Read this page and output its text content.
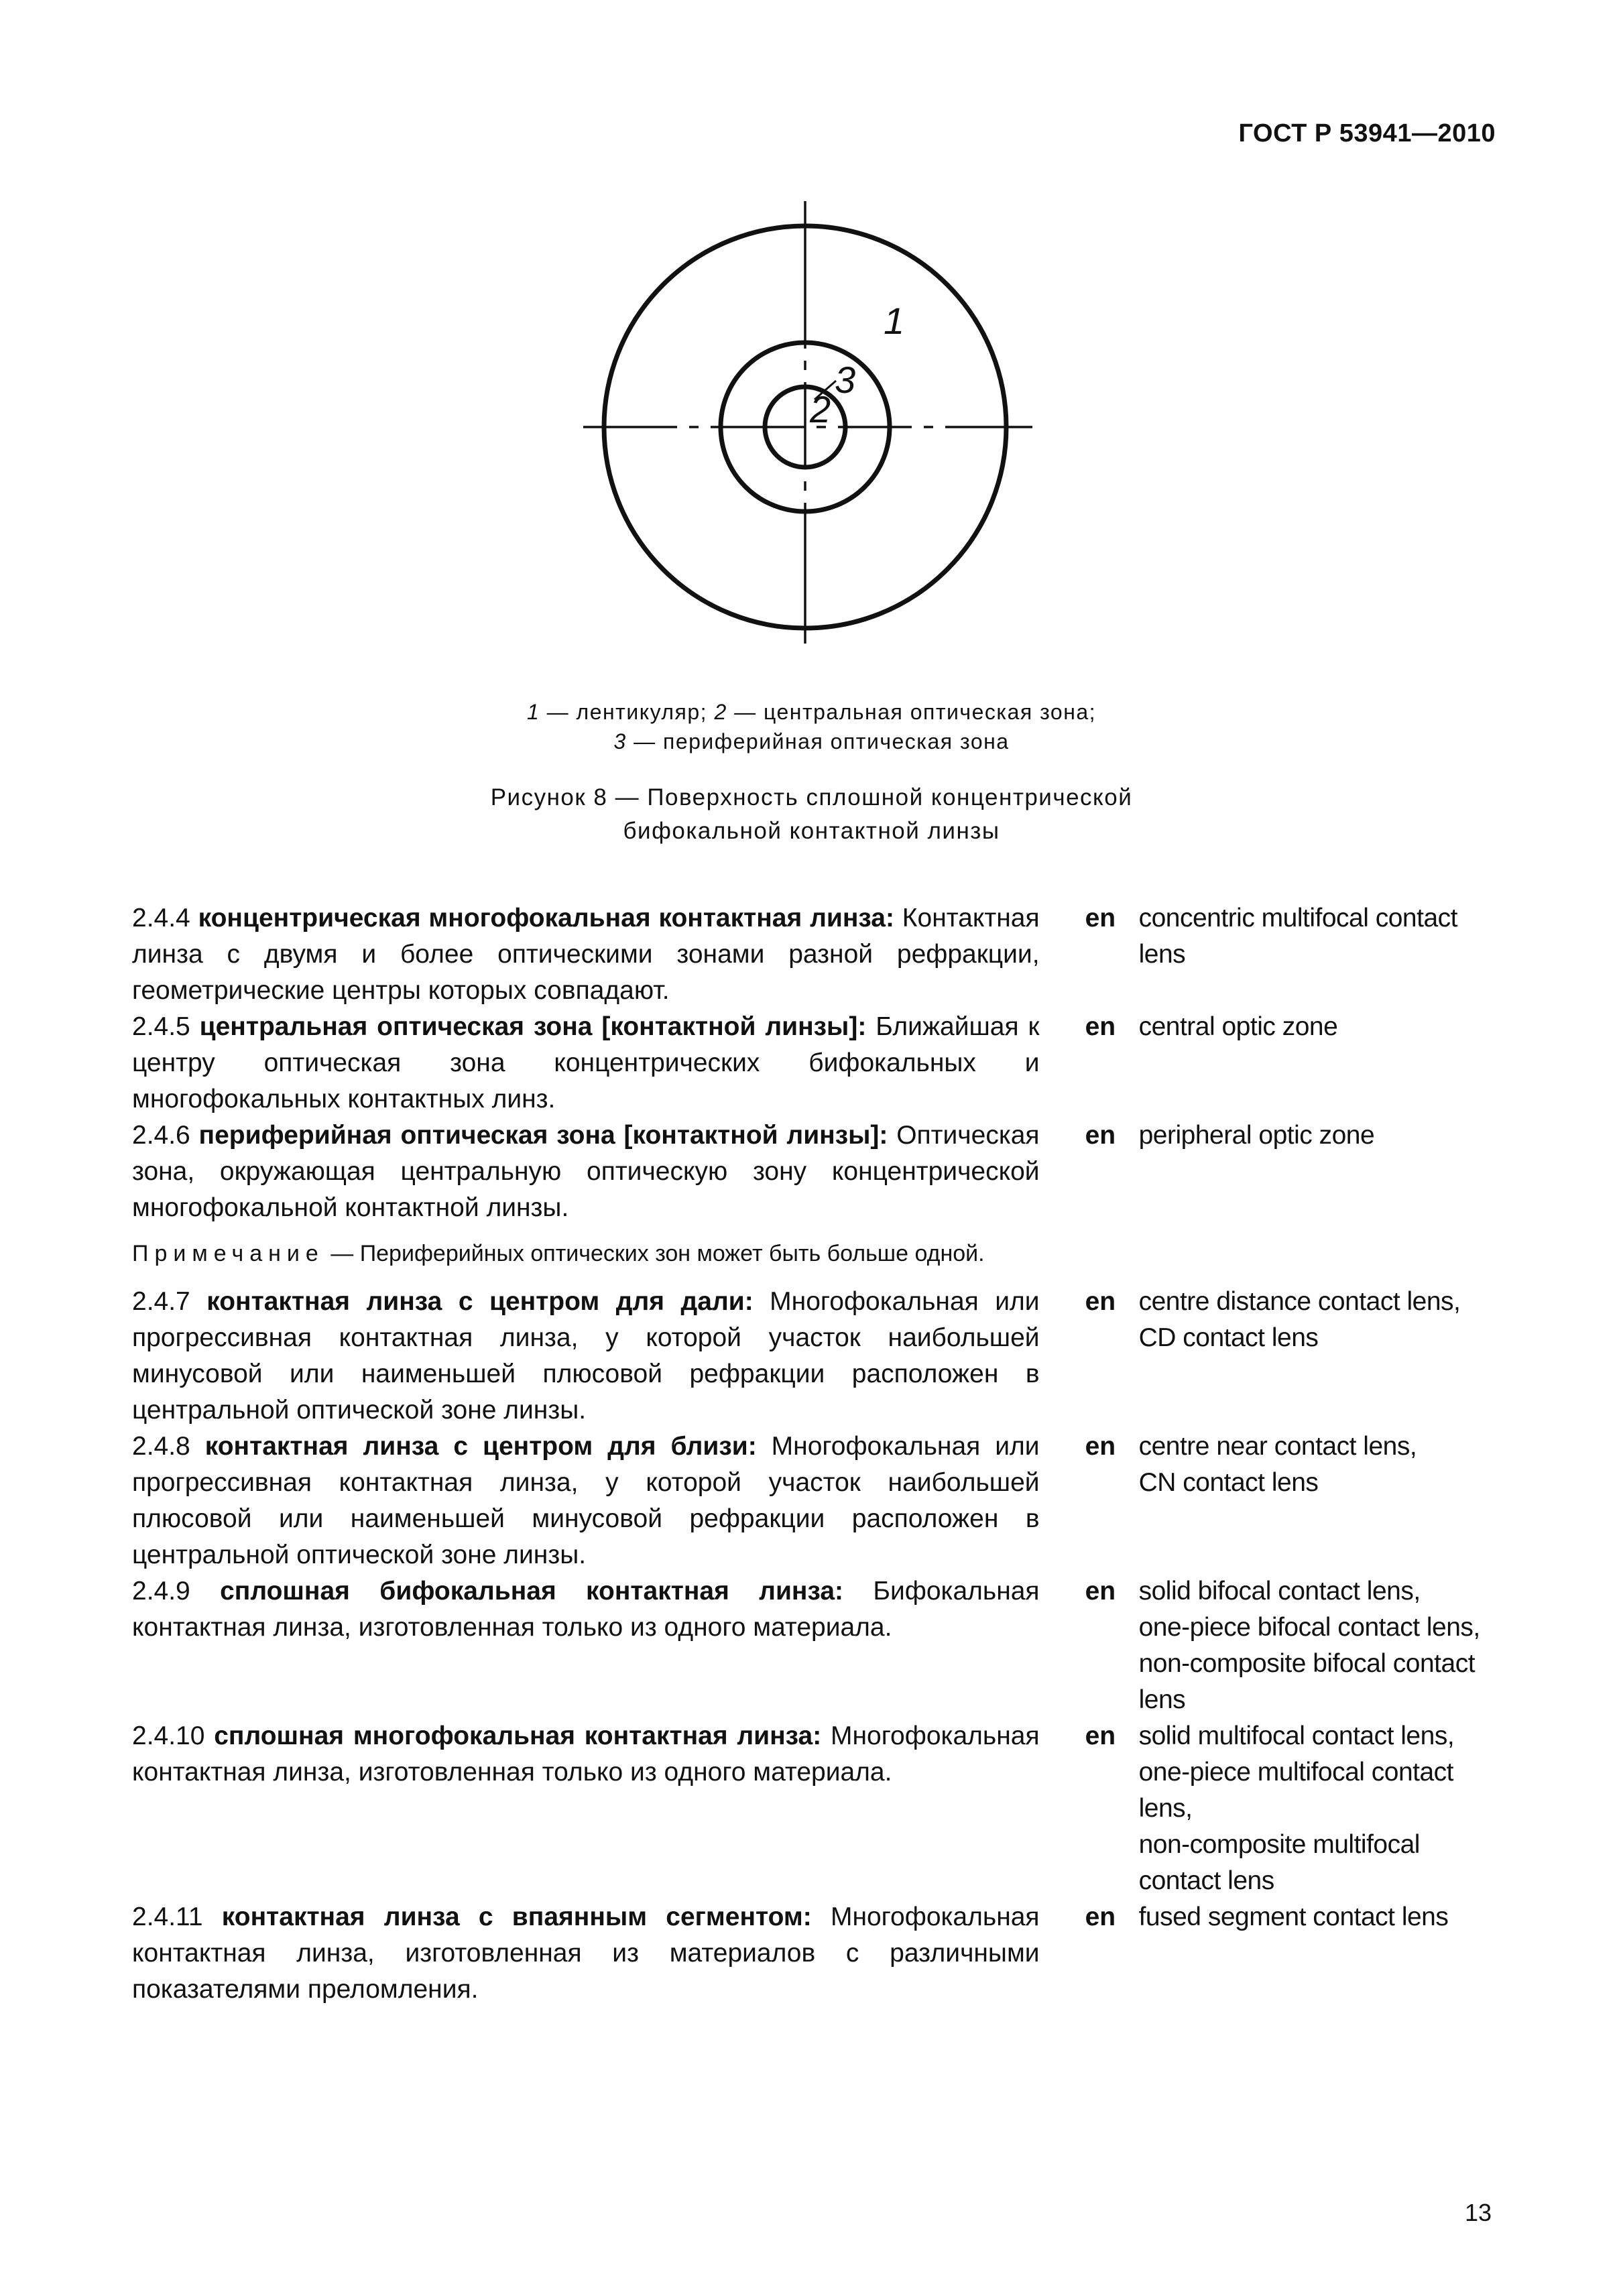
ГОСТ Р 53941—2010
1
3
2
1 — лентикуляр; 2 — центральная оптическая зона;
3 — периферийная оптическая зона
Рисунок 8 — Поверхность сплошной концентрической
бифокальной контактной линзы
2.4.4 концентрическая многофокальная контактная линза: Контактная линза с двумя и более оптическими зонами разной рефракции, геометрические центры которых совпадают.
en concentric multifocal contact lens
2.4.5 центральная оптическая зона [контактной линзы]: Ближайшая к центру оптическая зона концентрических бифокальных и многофокальных контактных линз.
en central optic zone
2.4.6 периферийная оптическая зона [контактной линзы]: Оптическая зона, окружающая центральную оптическую зону концентрической многофокальной контактной линзы.
en peripheral optic zone
Примечание — Периферийных оптических зон может быть больше одной.
2.4.7 контактная линза с центром для дали: Многофокальная или прогрессивная контактная линза, у которой участок наибольшей минусовой или наименьшей плюсовой рефракции расположен в центральной оптической зоне линзы.
en centre distance contact lens,
CD contact lens
2.4.8 контактная линза с центром для близи: Многофокальная или прогрессивная контактная линза, у которой участок наибольшей плюсовой или наименьшей минусовой рефракции расположен в центральной оптической зоне линзы.
en centre near contact lens,
CN contact lens
2.4.9 сплошная бифокальная контактная линза: Бифокальная контактная линза, изготовленная только из одного материала.
en solid bifocal contact lens,
one-piece bifocal contact lens,
non-composite bifocal contact lens
2.4.10 сплошная многофокальная контактная линза: Многофокальная контактная линза, изготовленная только из одного материала.
en solid multifocal contact lens,
one-piece multifocal contact lens,
non-composite multifocal contact lens
2.4.11 контактная линза с впаянным сегментом: Многофокальная контактная линза, изготовленная из материалов с различными показателями преломления.
en fused segment contact lens
13
